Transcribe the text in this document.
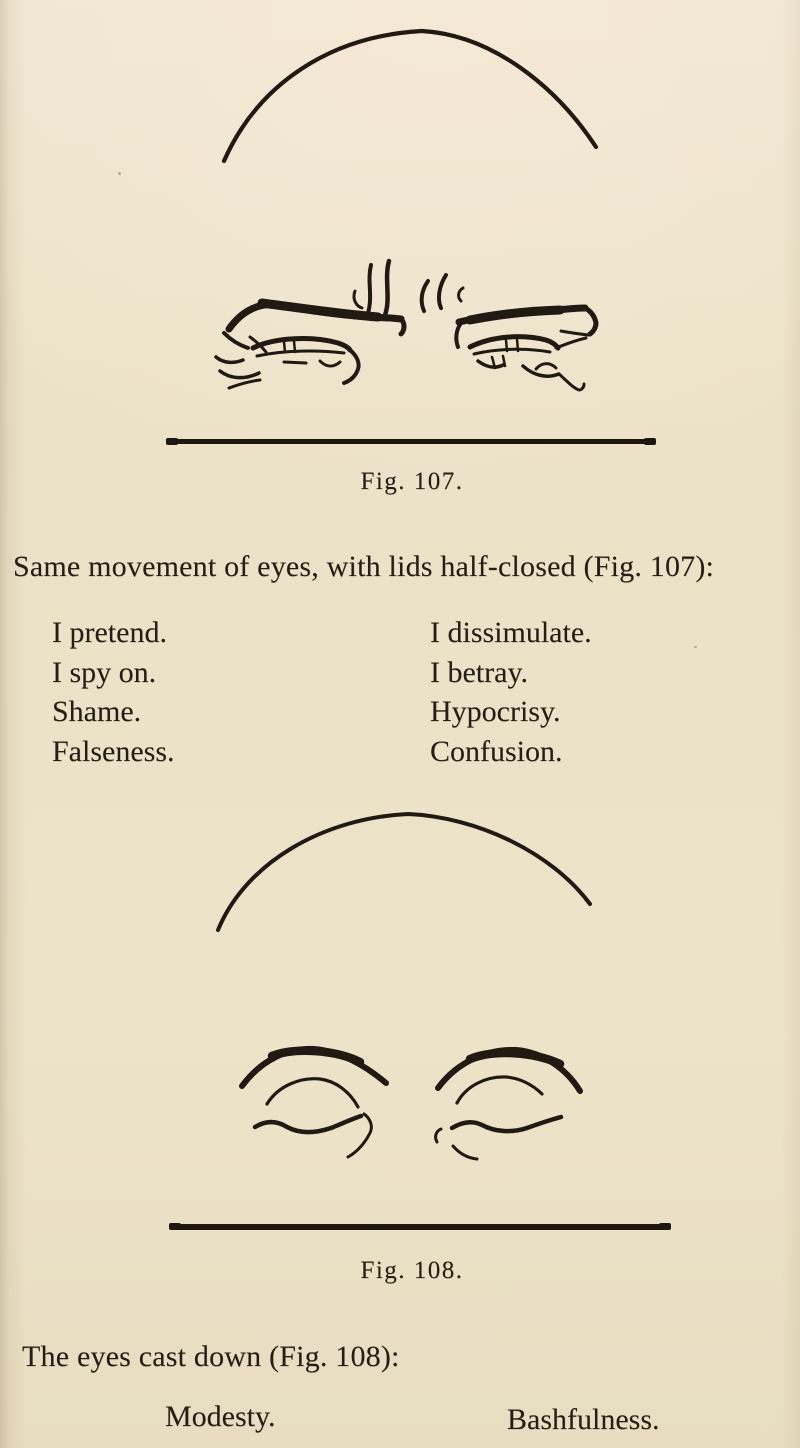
Fig. 107.
Same movement of eyes, with lids half-closed (Fig. 107):
I pretend.
I spy on.
Shame.
Falseness.
I dissimulate.
I betray.
Hypocrisy.
Confusion.
Fig. 108.
The eyes cast down (Fig. 108):
Modesty.	Bashfulness.
